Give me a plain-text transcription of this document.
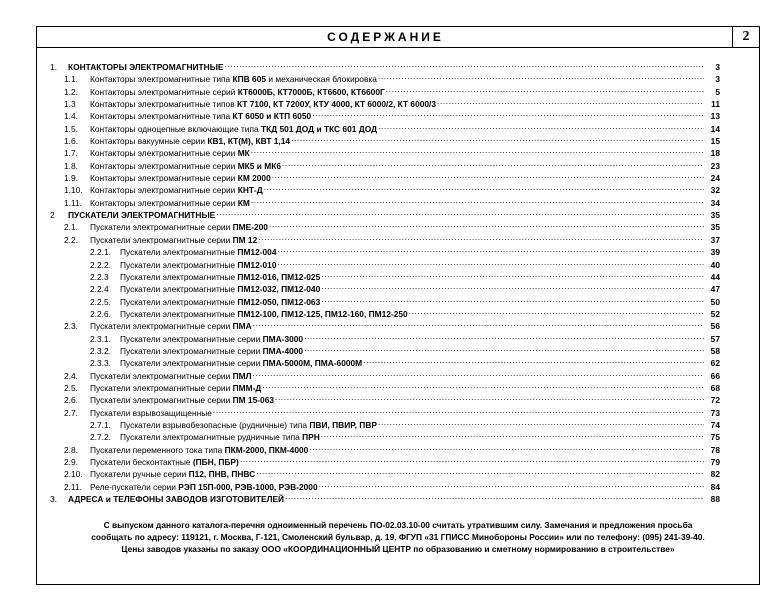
СОДЕРЖАНИЕ	2
1.	КОНТАКТОРЫ ЭЛЕКТРОМАГНИТНЫЕ .....	3
1.1.	Контакторы электромагнитные типа КПВ 605 и механическая блокировка .....	3
1.2.	Контакторы электромагнитные серий КТ6000Б, КТ7000Б, КТ6600, КТ6600Г .....	5
1.3	Контакторы электромагнитные типов КТ 7100, КТ 7200У, КТУ 4000, КТ 6000/2, КТ 6000/3 .....	11
1.4.	Контакторы электромагнитные типа КТ 6050 и КТП 6050 .....	13
1.5.	Контакторы одноцепные включающие типа ТКД 501 ДОД и ТКС 601 ДОД .....	14
1.6.	Контакторы вакуумные серии КВ1, КТ(М), КВТ 1,14 .....	15
1.7.	Контакторы электромагнитные серии МК .....	18
1.8.	Контакторы электромагнитные серии МК5 и МК6 .....	23
1.9.	Контакторы электромагнитные серии КМ 2000 .....	24
1.10. Контакторы электромагнитные серии КНТ-Д .....	32
1.11. Контакторы электромагнитные серии КМ .....	34
2	ПУСКАТЕЛИ ЭЛЕКТРОМАГНИТНЫЕ .....	35
2.1.	Пускатели электромагнитные серии ПМЕ-200 .....	35
2.2.	Пускатели электромагнитные серии ПМ 12 .....	37
2.2.1.	Пускатели электромагнитные ПМ12-004 .....	39
2.2.2.	Пускатели электромагнитные ПМ12-010 .....	40
2.2.3	Пускатели электромагнитные ПМ12-016, ПМ12-025 .....	44
2.2.4	Пускатели электромагнитные ПМ12-032, ПМ12-040 .....	47
2.2.5.	Пускатели электромагнитные ПМ12-050, ПМ12-063 .....	50
2.2.6.	Пускатели электромагнитные ПМ12-100, ПМ12-125, ПМ12-160, ПМ12-250 .....	52
2.3.	Пускатели электромагнитные серии ПМА .....	56
2.3.1.	Пускатели электромагнитные серии ПМА-3000 .....	57
2.3.2.	Пускатели электромагнитные серии ПМА-4000 .....	58
2.3.3.	Пускатели электромагнитные серии ПМА-5000М, ПМА-6000М .....	62
2.4.	Пускатели электромагнитные серии ПМЛ .....	66
2.5.	Пускатели электромагнитные серии ПММ-Д .....	68
2.6.	Пускатели электромагнитные серии ПМ 15-063 .....	72
2.7.	Пускатели взрывозащищенные .....	73
2.7.1.	Пускатели взрывобезопасные (рудничные) типа ПВИ, ПВИР, ПВР .....	74
2.7.2.	Пускатели электромагнитные рудничные типа ПРН .....	75
2.8.	Пускатели переменного тока типа ПКМ-2000, ПКМ-4000 .....	78
2.9.	Пускатели бесконтактные (ПБН, ПБР) .....	79
2.10. Пускатели ручные серии П12, ПНВ, ПНВС .....	82
2.11. Реле-пускатели серии РЭП 15П-000, РЭВ-1000, РЭВ-2000 .....	84
3.	АДРЕСА и ТЕЛЕФОНЫ ЗАВОДОВ ИЗГОТОВИТЕЛЕЙ .....	88
С выпуском данного каталога-перечня одноименный перечень ПО-02.03.10-00 считать утратившим силу. Замечания и предложения просьба
сообщать по адресу: 119121, г. Москва, Г-121, Смоленский бульвар, д. 19, ФГУП «31 ГПИСС Минобороны России» или по телефону: (095) 241-39-40.
Цены заводов указаны по заказу ООО «КООРДИНАЦИОННЫЙ ЦЕНТР по образованию и сметному нормированию в строительстве»
